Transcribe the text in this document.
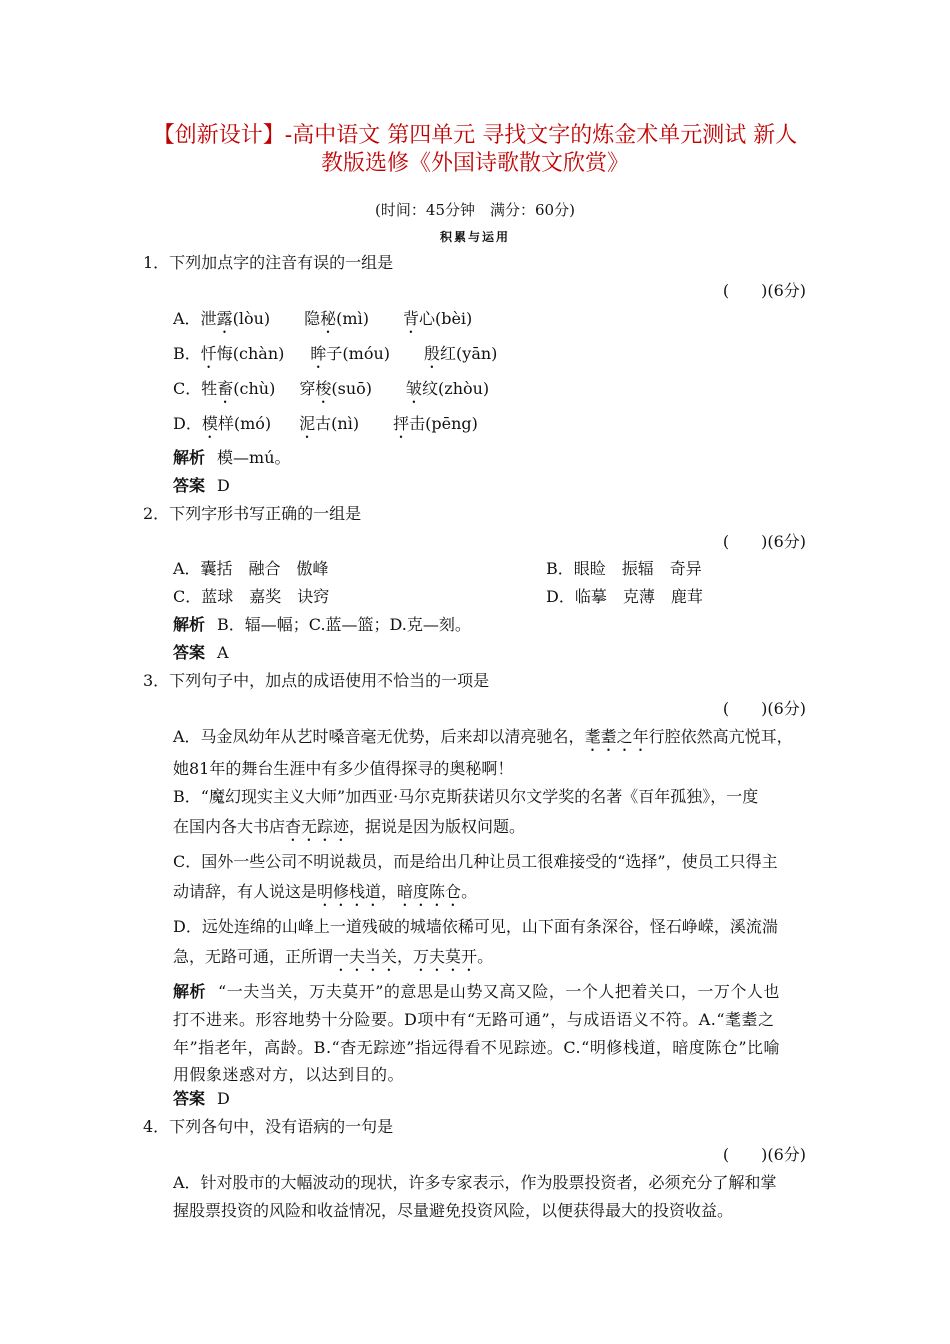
【创新设计】-高中语文 第四单元 寻找文字的炼金术单元测试 新人
教版选修《外国诗歌散文欣赏》
(时间：45分钟　满分：60分)
积累与运用
1．下列加点字的注音有误的一组是
(　　)(6分)
A．泄露(lòu) 隐秘(mì) 背心(bèi)
B．忏悔(chàn) 眸子(móu) 殷红(yān)
C．牲畜(chù) 穿梭(suō) 皱纹(zhòu)
D．模样(mó) 泥古(nì) 抨击(pēng)
解析 模—mú。
答案 D
2．下列字形书写正确的一组是
(　　)(6分)
A．囊括　融合　傲峰	B．眼睑　振辐　奇异
C．蓝球　嘉奖　诀窍	D．临摹　克薄　鹿茸
解析 B．辐—幅；C.蓝—篮；D.克—刻。
答案 A
3．下列句子中，加点的成语使用不恰当的一项是
(　　)(6分)
A．马金凤幼年从艺时嗓音毫无优势，后来却以清亮驰名，耄耋之年行腔依然高亢悦耳，
她81年的舞台生涯中有多少值得探寻的奥秘啊！
B．“魔幻现实主义大师”加西亚·马尔克斯获诺贝尔文学奖的名著《百年孤独》，一度
在国内各大书店杳无踪迹，据说是因为版权问题。
C．国外一些公司不明说裁员，而是给出几种让员工很难接受的“选择”，使员工只得主
动请辞，有人说这是明修栈道，暗度陈仓。
D．远处连绵的山峰上一道残破的城墙依稀可见，山下面有条深谷，怪石峥嵘，溪流湍
急，无路可通，正所谓一夫当关，万夫莫开。
解析 “一夫当关，万夫莫开”的意思是山势又高又险，一个人把着关口，一万个人也
打不进来。形容地势十分险要。D项中有“无路可通”，与成语语义不符。A.“耄耋之
年”指老年，高龄。B.“杳无踪迹”指远得看不见踪迹。C.“明修栈道，暗度陈仓”比喻
用假象迷惑对方，以达到目的。
答案 D
4．下列各句中，没有语病的一句是
(　　)(6分)
A．针对股市的大幅波动的现状，许多专家表示，作为股票投资者，必须充分了解和掌
握股票投资的风险和收益情况，尽量避免投资风险，以便获得最大的投资收益。
